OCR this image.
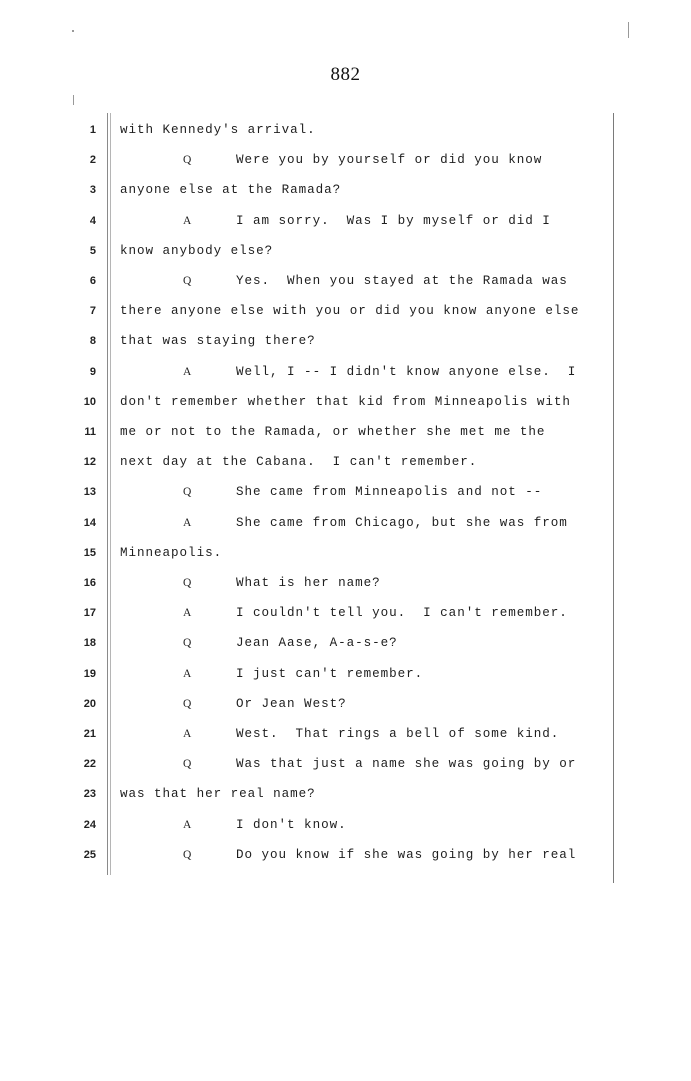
882
1 with Kennedy's arrival.
2	Q	Were you by yourself or did you know
3 anyone else at the Ramada?
4	A	I am sorry.  Was I by myself or did I
5 know anybody else?
6	Q	Yes.  When you stayed at the Ramada was
7 there anyone else with you or did you know anyone else
8 that was staying there?
9	A	Well, I -- I didn't know anyone else.  I
10 don't remember whether that kid from Minneapolis with
11 me or not to the Ramada, or whether she met me the
12 next day at the Cabana.  I can't remember.
13	Q	She came from Minneapolis and not --
14	A	She came from Chicago, but she was from
15 Minneapolis.
16	Q	What is her name?
17	A	I couldn't tell you.  I can't remember.
18	Q	Jean Aase, A-a-s-e?
19	A	I just can't remember.
20	Q	Or Jean West?
21	A	West.  That rings a bell of some kind.
22	Q	Was that just a name she was going by or
23 was that her real name?
24	A	I don't know.
25	Q	Do you know if she was going by her real
